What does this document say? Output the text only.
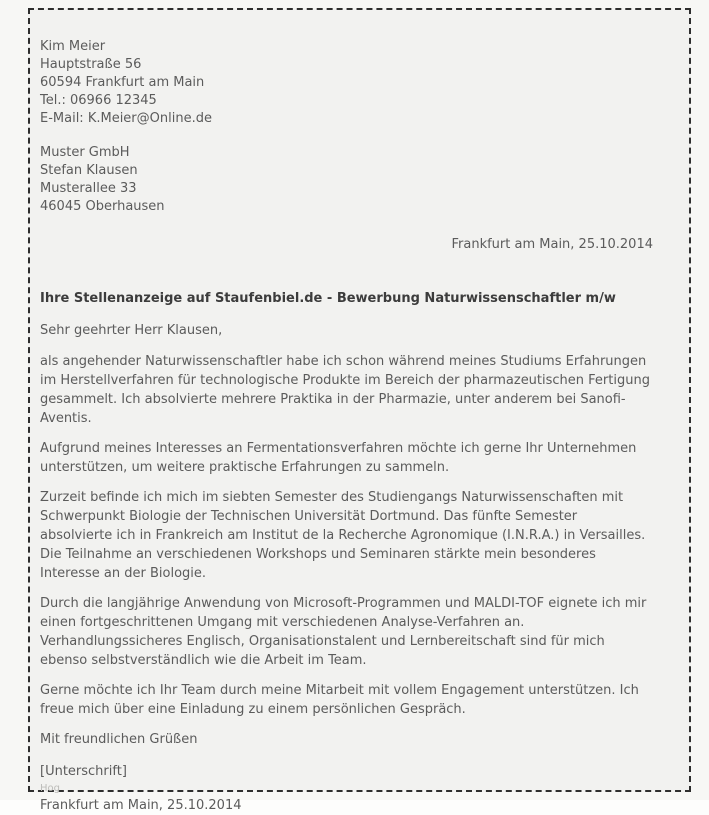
Kim Meier
Hauptstraße 56
60594 Frankfurt am Main
Tel.: 06966 12345
E-Mail: K.Meier@Online.de
Muster GmbH
Stefan Klausen
Musterallee 33
46045 Oberhausen
Frankfurt am Main, 25.10.2014
Ihre Stellenanzeige auf Staufenbiel.de - Bewerbung Naturwissenschaftler m/w
Sehr geehrter Herr Klausen,
als angehender Naturwissenschaftler habe ich schon während meines Studiums Erfahrungen im Herstellverfahren für technologische Produkte im Bereich der pharmazeutischen Fertigung gesammelt. Ich absolvierte mehrere Praktika in der Pharmazie, unter anderem bei Sanofi-Aventis.
Aufgrund meines Interesses an Fermentationsverfahren möchte ich gerne Ihr Unternehmen unterstützen, um weitere praktische Erfahrungen zu sammeln.
Zurzeit befinde ich mich im siebten Semester des Studiengangs Naturwissenschaften mit Schwerpunkt Biologie der Technischen Universität Dortmund. Das fünfte Semester absolvierte ich in Frankreich am Institut de la Recherche Agronomique (I.N.R.A.) in Versailles. Die Teilnahme an verschiedenen Workshops und Seminaren stärkte mein besonderes Interesse an der Biologie.
Durch die langjährige Anwendung von Microsoft-Programmen und MALDI-TOF eignete ich mir einen fortgeschrittenen Umgang mit verschiedenen Analyse-Verfahren an. Verhandlungssicheres Englisch, Organisationstalent und Lernbereitschaft sind für mich ebenso selbstverständlich wie die Arbeit im Team.
Gerne möchte ich Ihr Team durch meine Mitarbeit mit vollem Engagement unterstützen. Ich freue mich über eine Einladung zu einem persönlichen Gespräch.
Mit freundlichen Grüßen
[Unterschrift]
Hog
Frankfurt am Main, 25.10.2014
